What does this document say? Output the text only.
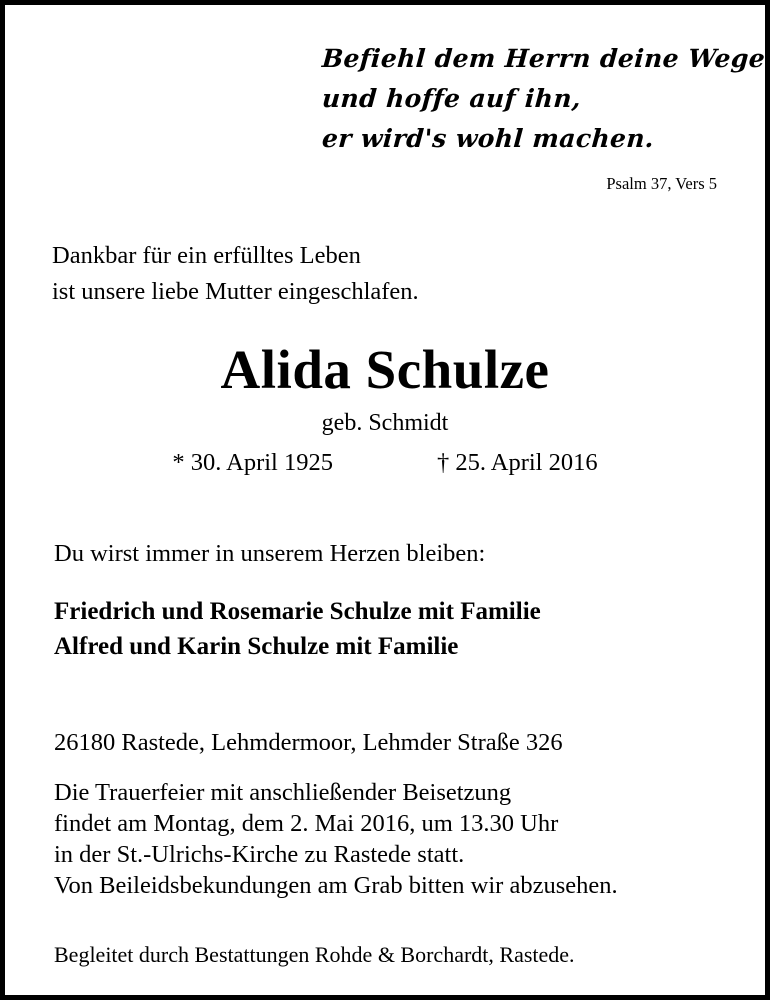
Befiehl dem Herrn deine Wege
und hoffe auf ihn,
er wird's wohl machen.
Psalm 37, Vers 5
Dankbar für ein erfülltes Leben
ist unsere liebe Mutter eingeschlafen.
Alida Schulze
geb. Schmidt
* 30. April 1925	† 25. April 2016
Du wirst immer in unserem Herzen bleiben:
Friedrich und Rosemarie Schulze mit Familie
Alfred und Karin Schulze mit Familie
26180 Rastede, Lehmdermoor, Lehmder Straße 326
Die Trauerfeier mit anschließender Beisetzung
findet am Montag, dem 2. Mai 2016, um 13.30 Uhr
in der St.-Ulrichs-Kirche zu Rastede statt.
Von Beileidsbekundungen am Grab bitten wir abzusehen.
Begleitet durch Bestattungen Rohde & Borchardt, Rastede.
